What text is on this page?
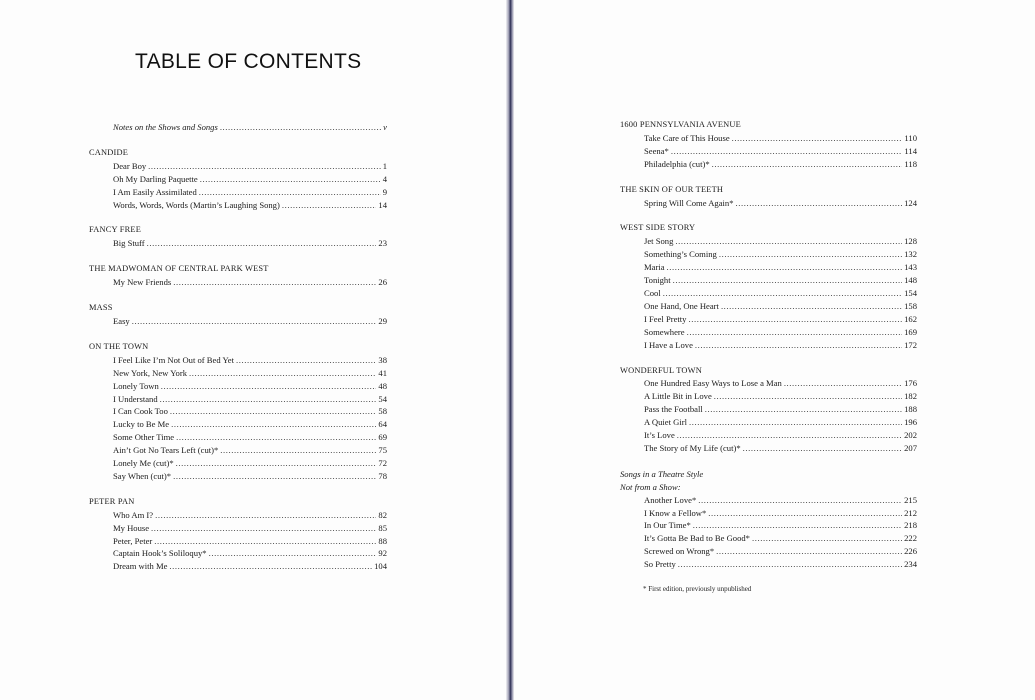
TABLE OF CONTENTS
Notes on the Shows and Songs .....	v
CANDIDE
Dear Boy .....	1
Oh My Darling Paquette .....	4
I Am Easily Assimilated .....	9
Words, Words, Words (Martin’s Laughing Song) .....	14
FANCY FREE
Big Stuff .....	23
THE MADWOMAN OF CENTRAL PARK WEST
My New Friends .....	26
MASS
Easy .....	29
ON THE TOWN
I Feel Like I’m Not Out of Bed Yet .....	38
New York, New York .....	41
Lonely Town .....	48
I Understand .....	54
I Can Cook Too .....	58
Lucky to Be Me .....	64
Some Other Time .....	69
Ain’t Got No Tears Left (cut)* .....	75
Lonely Me (cut)* .....	72
Say When (cut)* .....	78
PETER PAN
Who Am I? .....	82
My House .....	85
Peter, Peter .....	88
Captain Hook’s Soliloquy* .....	92
Dream with Me .....	104
1600 PENNSYLVANIA AVENUE
Take Care of This House .....	110
Seena* .....	114
Philadelphia (cut)* .....	118
THE SKIN OF OUR TEETH
Spring Will Come Again* .....	124
WEST SIDE STORY
Jet Song .....	128
Something’s Coming .....	132
Maria .....	143
Tonight .....	148
Cool .....	154
One Hand, One Heart .....	158
I Feel Pretty .....	162
Somewhere .....	169
I Have a Love .....	172
WONDERFUL TOWN
One Hundred Easy Ways to Lose a Man .....	176
A Little Bit in Love .....	182
Pass the Football .....	188
A Quiet Girl .....	196
It’s Love .....	202
The Story of My Life (cut)* .....	207
Songs in a Theatre Style
Not from a Show:
Another Love* .....	215
I Know a Fellow* .....	212
In Our Time* .....	218
It’s Gotta Be Bad to Be Good* .....	222
Screwed on Wrong* .....	226
So Pretty .....	234
* First edition, previously unpublished
